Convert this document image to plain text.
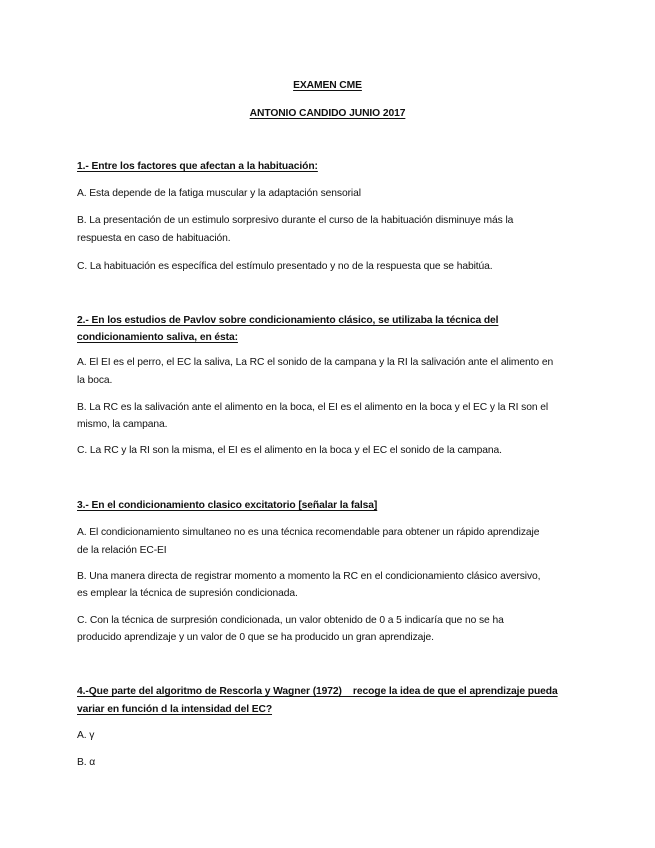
EXAMEN CME
ANTONIO CANDIDO JUNIO 2017
1.- Entre los factores que afectan a la habituación:
A. Esta depende de la fatiga muscular y la adaptación sensorial
B. La presentación de un estimulo sorpresivo durante el curso de la habituación disminuye más la
respuesta en caso de habituación.
C. La habituación es específica del estímulo presentado y no de la respuesta que se habitúa.
2.- En los estudios de Pavlov sobre condicionamiento clásico, se utilizaba la técnica del
condicionamiento saliva, en ésta:
A. El EI es el perro, el EC la saliva, La RC el sonido de la campana y la RI la salivación ante el alimento en
la boca.
B. La RC es la salivación ante el alimento en la boca, el EI es el alimento en la boca y el EC y la RI son el
mismo, la campana.
C. La RC y la RI son la misma, el EI es el alimento en la boca y el EC el sonido de la campana.
3.- En el condicionamiento clasico excitatorio [señalar la falsa]
A. El condicionamiento simultaneo no es una técnica recomendable para obtener un rápido aprendizaje
de la relación EC-EI
B. Una manera directa de registrar momento a momento la RC en el condicionamiento clásico aversivo,
es emplear la técnica de supresión condicionada.
C. Con la técnica de surpresión condicionada, un valor obtenido de 0 a 5 indicaría que no se ha
producido aprendizaje y un valor de 0 que se ha producido un gran aprendizaje.
4.-Que parte del algoritmo de Rescorla y Wagner (1972)    recoge la idea de que el aprendizaje pueda
variar en función d la intensidad del EC?
A. γ
B. α
